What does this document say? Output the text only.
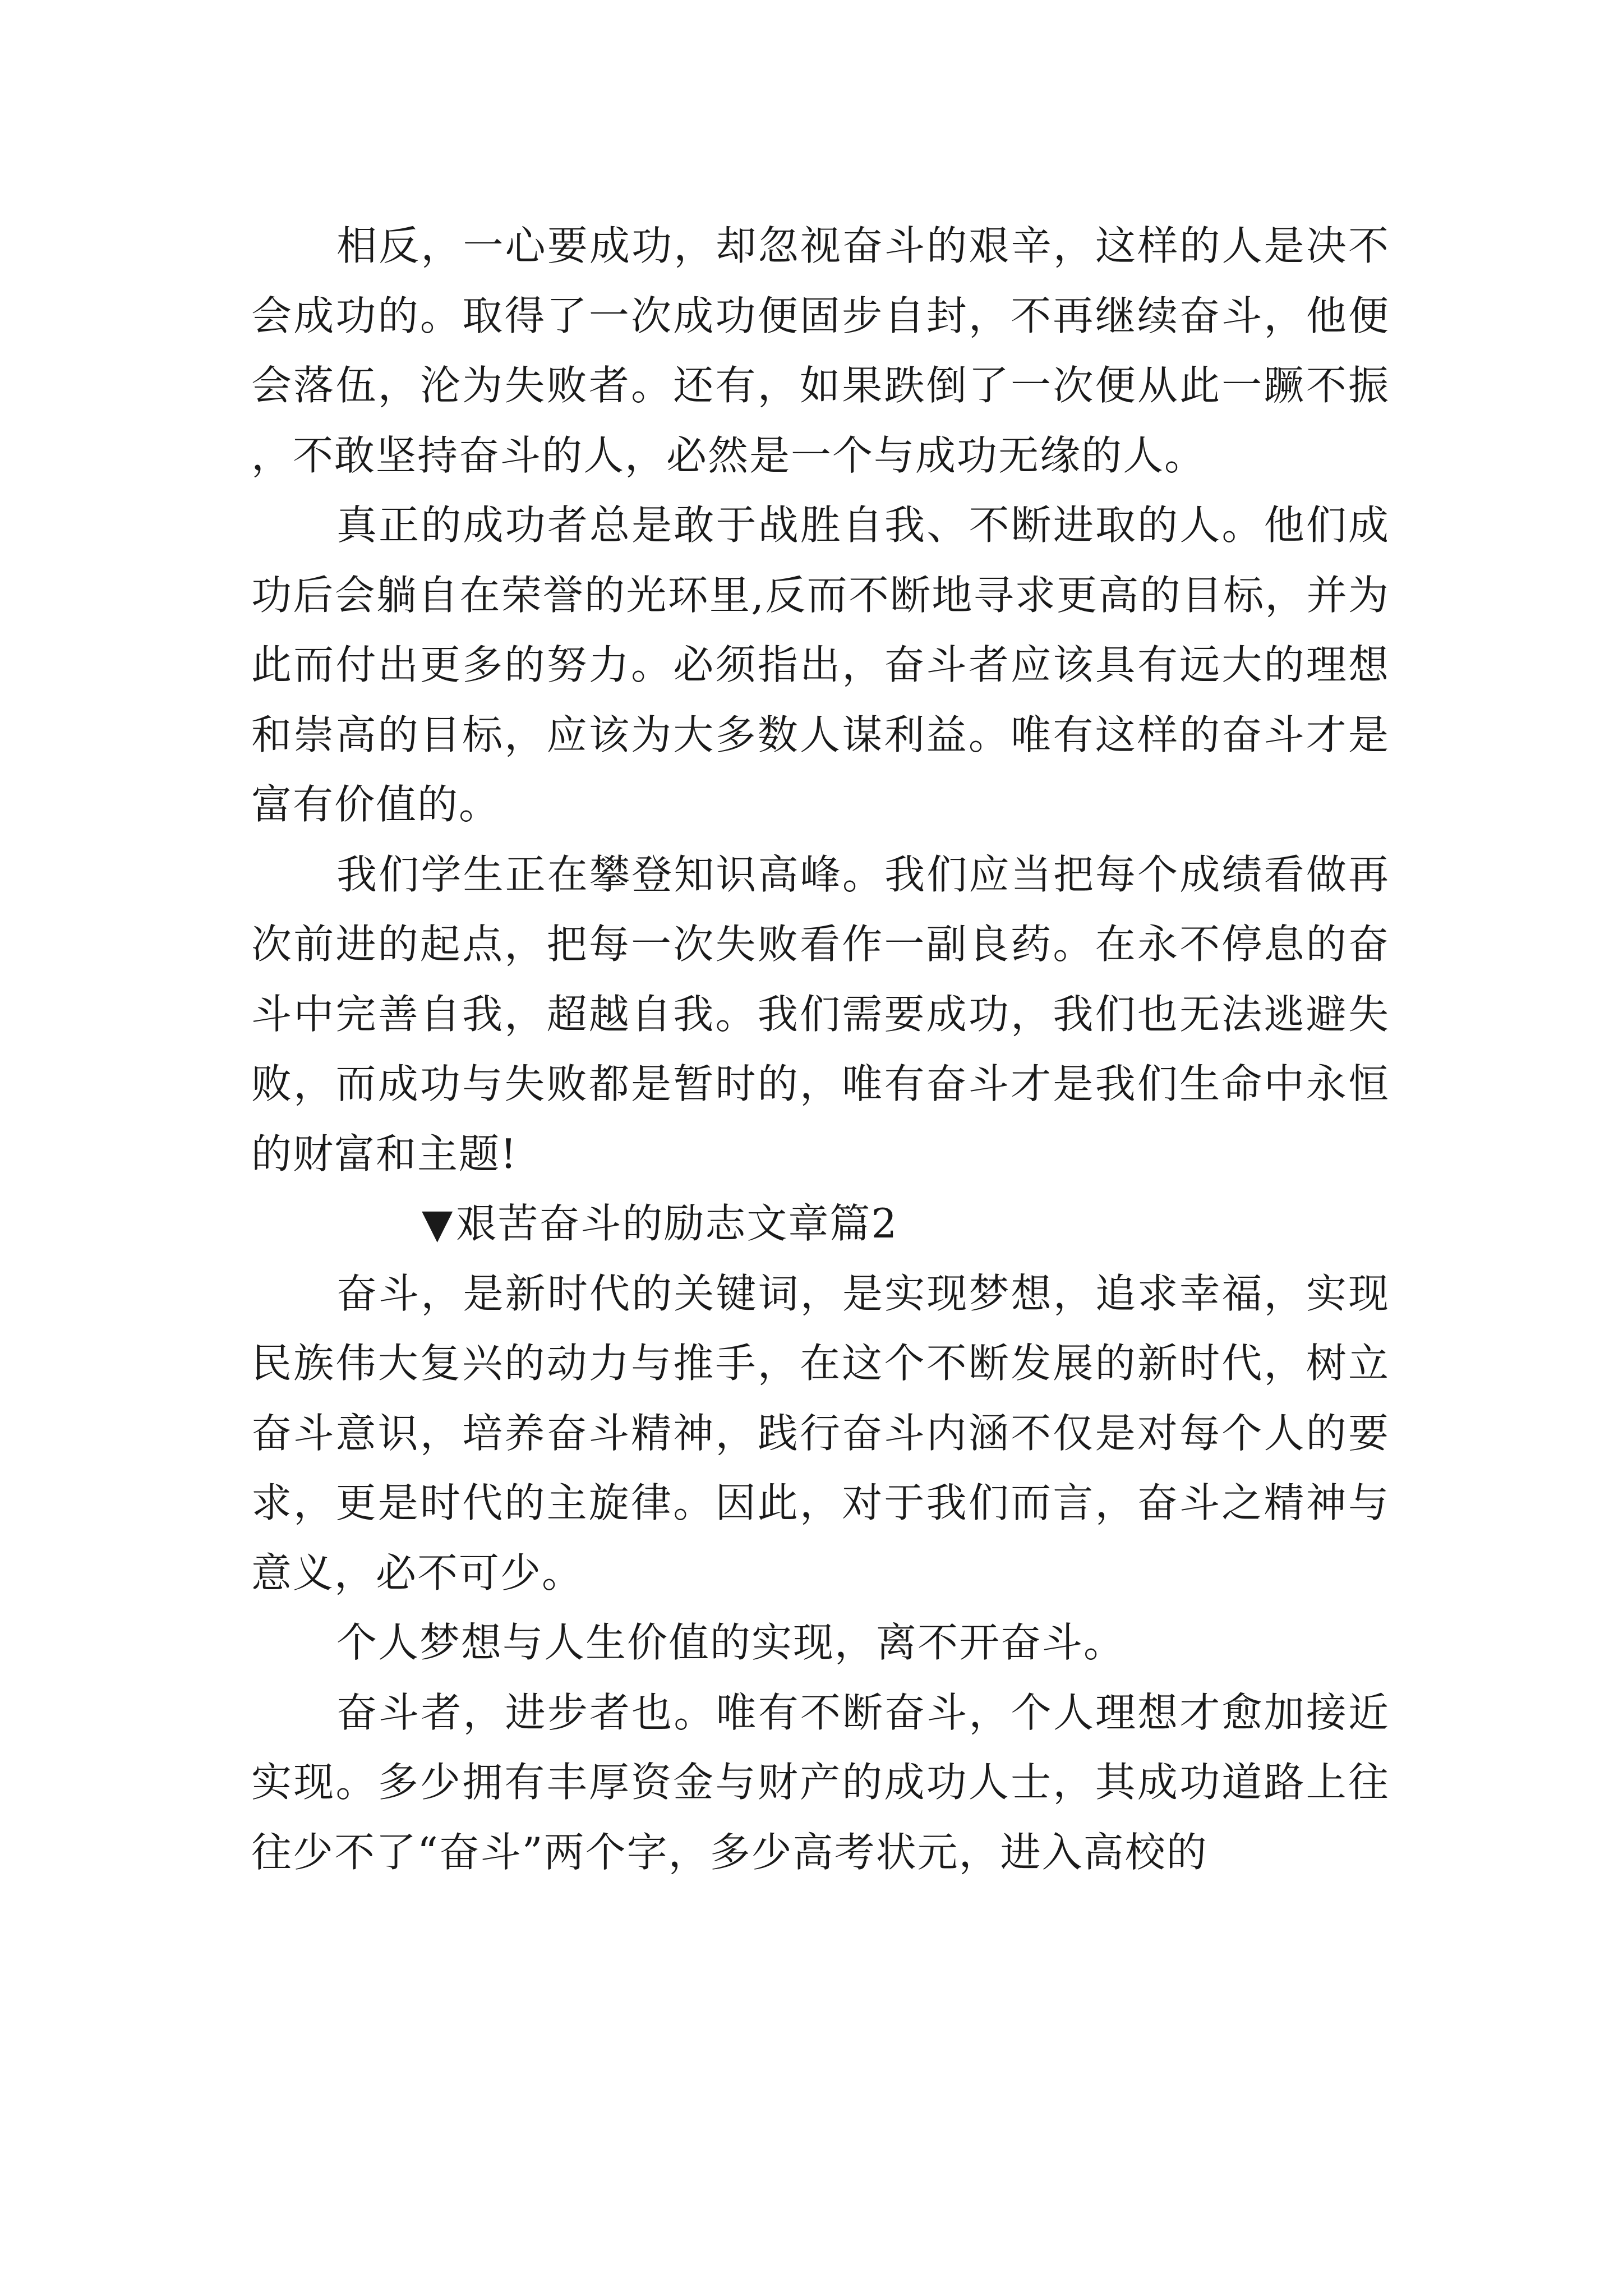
相反，一心要成功，却忽视奋斗的艰辛，这样的人是决不会成功的。取得了一次成功便固步自封，不再继续奋斗，他便会落伍，沦为失败者。还有，如果跌倒了一次便从此一蹶不振，不敢坚持奋斗的人，必然是一个与成功无缘的人。

真正的成功者总是敢于战胜自我、不断进取的人。他们成功后会躺自在荣誉的光环里,反而不断地寻求更高的目标，并为此而付出更多的努力。必须指出，奋斗者应该具有远大的理想和崇高的目标，应该为大多数人谋利益。唯有这样的奋斗才是富有价值的。

我们学生正在攀登知识高峰。我们应当把每个成绩看做再次前进的起点，把每一次失败看作一副良药。在永不停息的奋斗中完善自我，超越自我。我们需要成功，我们也无法逃避失败，而成功与失败都是暂时的，唯有奋斗才是我们生命中永恒的财富和主题!

▼艰苦奋斗的励志文章篇2

奋斗，是新时代的关键词，是实现梦想，追求幸福，实现民族伟大复兴的动力与推手，在这个不断发展的新时代，树立奋斗意识，培养奋斗精神，践行奋斗内涵不仅是对每个人的要求，更是时代的主旋律。因此，对于我们而言，奋斗之精神与意义，必不可少。

个人梦想与人生价值的实现，离不开奋斗。

奋斗者，进步者也。唯有不断奋斗，个人理想才愈加接近实现。多少拥有丰厚资金与财产的成功人士，其成功道路上往往少不了“奋斗”两个字，多少高考状元，进入高校的
